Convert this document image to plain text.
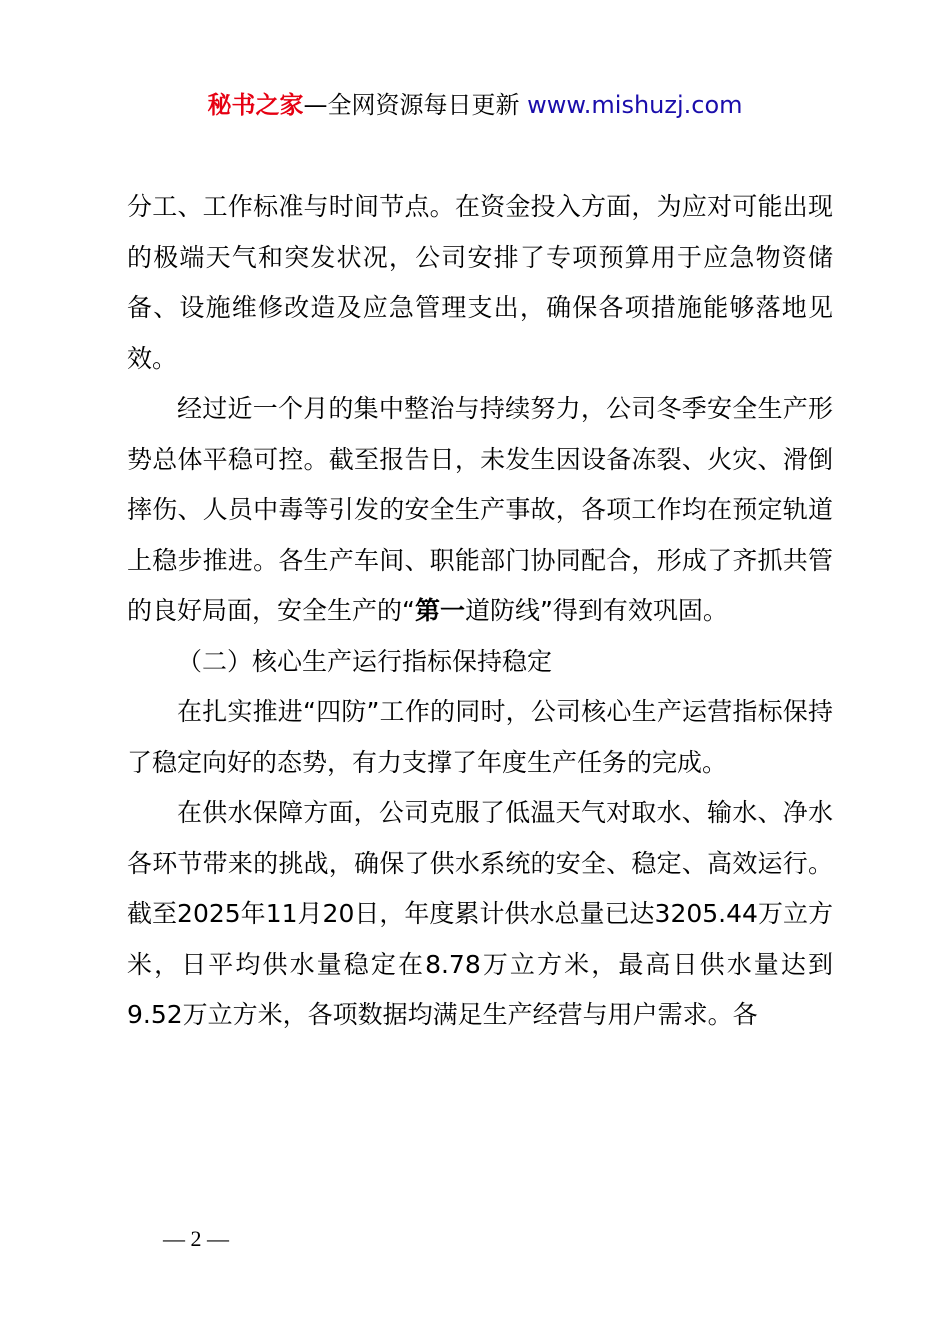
秘书之家—全网资源每日更新 www.mishuzj.com

分工、工作标准与时间节点。在资金投入方面，为应对可能出现的极端天气和突发状况，公司安排了专项预算用于应急物资储备、设施维修改造及应急管理支出，确保各项措施能够落地见效。

经过近一个月的集中整治与持续努力，公司冬季安全生产形势总体平稳可控。截至报告日，未发生因设备冻裂、火灾、滑倒摔伤、人员中毒等引发的安全生产事故，各项工作均在预定轨道上稳步推进。各生产车间、职能部门协同配合，形成了齐抓共管的良好局面，安全生产的“第一道防线”得到有效巩固。

（二）核心生产运行指标保持稳定

在扎实推进“四防”工作的同时，公司核心生产运营指标保持了稳定向好的态势，有力支撑了年度生产任务的完成。

在供水保障方面，公司克服了低温天气对取水、输水、净水各环节带来的挑战，确保了供水系统的安全、稳定、高效运行。截至2025年11月20日，年度累计供水总量已达3205.44万立方米，日平均供水量稳定在8.78万立方米，最高日供水量达到9.52万立方米，各项数据均满足生产经营与用户需求。各

— 2 —
